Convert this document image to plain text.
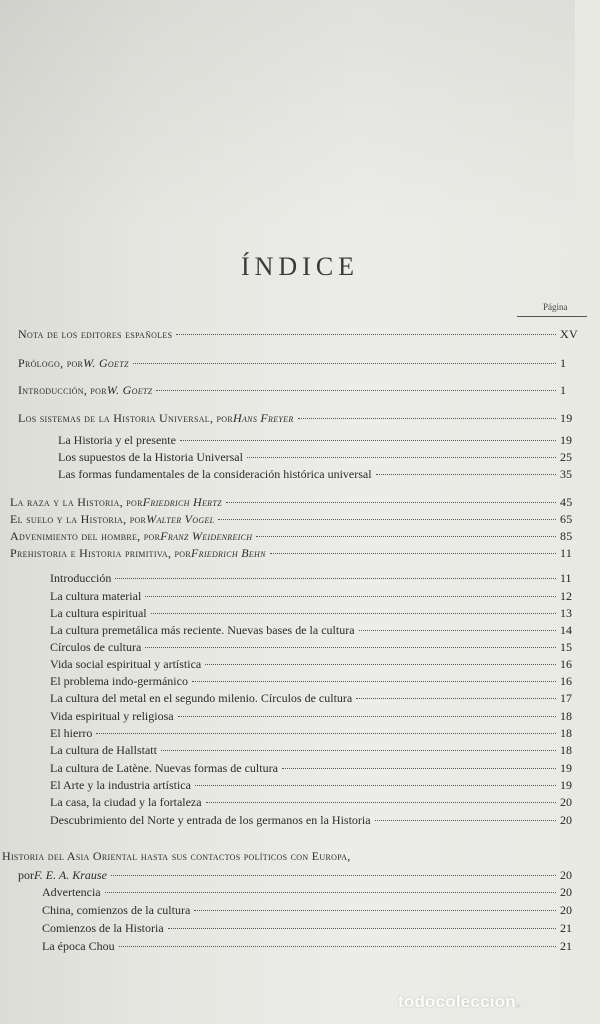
ÍNDICE
Página
Nota de los editores españoles	XV
Prólogo, por W. Goetz	1
Introducción, por W. Goetz	1
Los sistemas de la Historia Universal, por Hans Freyer	19
La Historia y el presente	19
Los supuestos de la Historia Universal	25
Las formas fundamentales de la consideración histórica universal	35
La raza y la Historia, por Friedrich Hertz	45
El suelo y la Historia, por Walter Vogel	65
Advenimiento del hombre, por Franz Weidenreich	85
Prehistoria e Historia primitiva, por Friedrich Behn	11
Introducción	11
La cultura material	12
La cultura espiritual	13
La cultura premetálica más reciente. Nuevas bases de la cultura	14
Círculos de cultura	15
Vida social espiritual y artística	16
El problema indo-germánico	16
La cultura del metal en el segundo milenio. Círculos de cultura	17
Vida espiritual y religiosa	18
El hierro	18
La cultura de Hallstatt	18
La cultura de Latène. Nuevas formas de cultura	19
El Arte y la industria artística	19
La casa, la ciudad y la fortaleza	20
Descubrimiento del Norte y entrada de los germanos en la Historia	20
Historia del Asia Oriental hasta sus contactos políticos con Europa,
por F. E. A. Krause	20
Advertencia	20
China, comienzos de la cultura	20
Comienzos de la Historia	21
La época Chou	21
todocoleccion.
